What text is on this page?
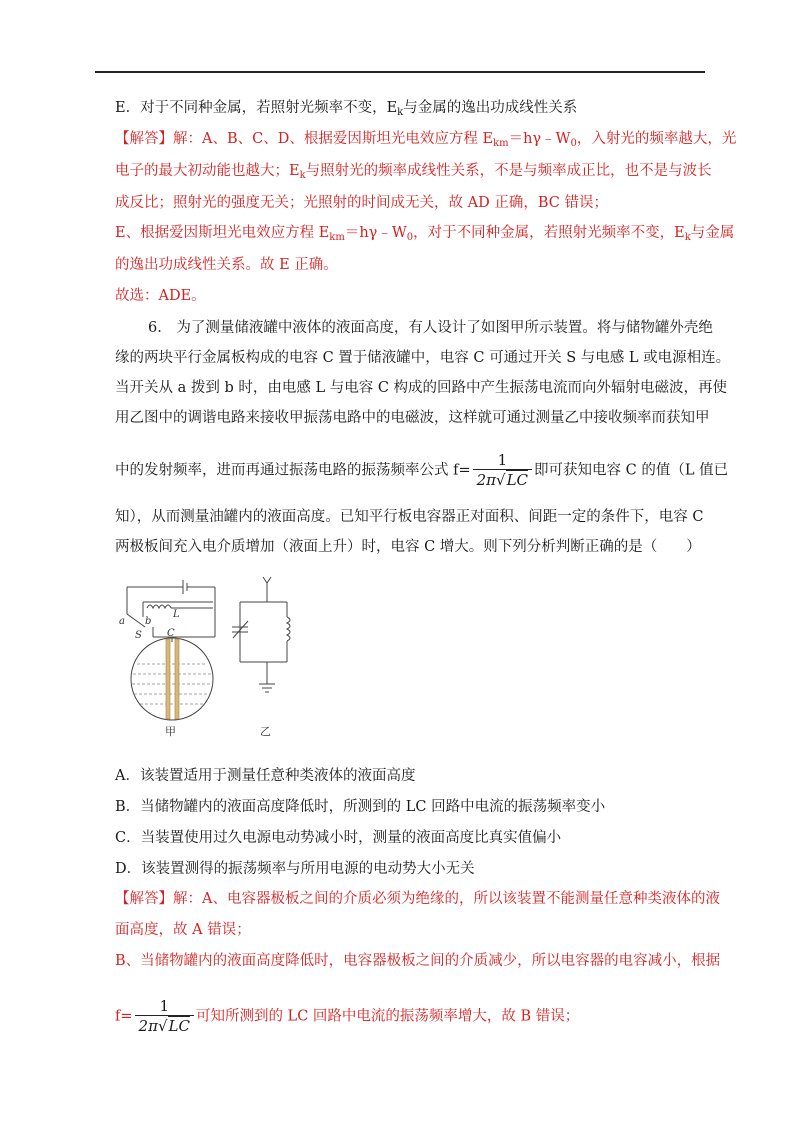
E．对于不同种金属，若照射光频率不变，$E_k$与金属的逸出功成线性关系
【解答】解：A、B、C、D、根据爱因斯坦光电效应方程 $E_{km}=h\gamma﹣W_0$，入射光的频率越大，光
电子的最大初动能也越大；$E_k$与照射光的频率成线性关系，不是与频率成正比，也不是与波长
成反比；照射光的强度无关；光照射的时间成无关，故 AD 正确，BC 错误；
E、根据爱因斯坦光电效应方程 $E_{km}=h\gamma﹣W_0$，对于不同种金属，若照射光频率不变，$E_k$与金属
的逸出功成线性关系。故 E 正确。
故选：ADE。
6.　为了测量储液罐中液体的液面高度，有人设计了如图甲所示装置。将与储物罐外壳绝
缘的两块平行金属板构成的电容 C 置于储液罐中，电容 C 可通过开关 S 与电感 L 或电源相连。
当开关从 a 拨到 b 时，由电感 L 与电容 C 构成的回路中产生振荡电流而向外辐射电磁波，再使
用乙图中的调谐电路来接收甲振荡电路中的电磁波，这样就可通过测量乙中接收频率而获知甲
中的发射频率，进而再通过振荡电路的振荡频率公式 $f= \frac{1}{2\pi√LC}$ 即可获知电容 C 的值（L 值已
知），从而测量油罐内的液面高度。已知平行板电容器正对面积、间距一定的条件下，电容 C
两极板间充入电介质增加（液面上升）时，电容 C 增大。则下列分析判断正确的是（　　）
a b
S
L
C
甲	乙
A．该装置适用于测量任意种类液体的液面高度
B．当储物罐内的液面高度降低时，所测到的 LC 回路中电流的振荡频率变小
C．当装置使用过久电源电动势减小时，测量的液面高度比真实值偏小
D．该装置测得的振荡频率与所用电源的电动势大小无关
【解答】解：A、电容器极板之间的介质必须为绝缘的，所以该装置不能测量任意种类液体的液
面高度，故 A 错误；
B、当储物罐内的液面高度降低时，电容器极板之间的介质减少，所以电容器的电容减小，根据
$f= \frac{1}{2\pi√LC}$ 可知所测到的 LC 回路中电流的振荡频率增大，故 B 错误；
